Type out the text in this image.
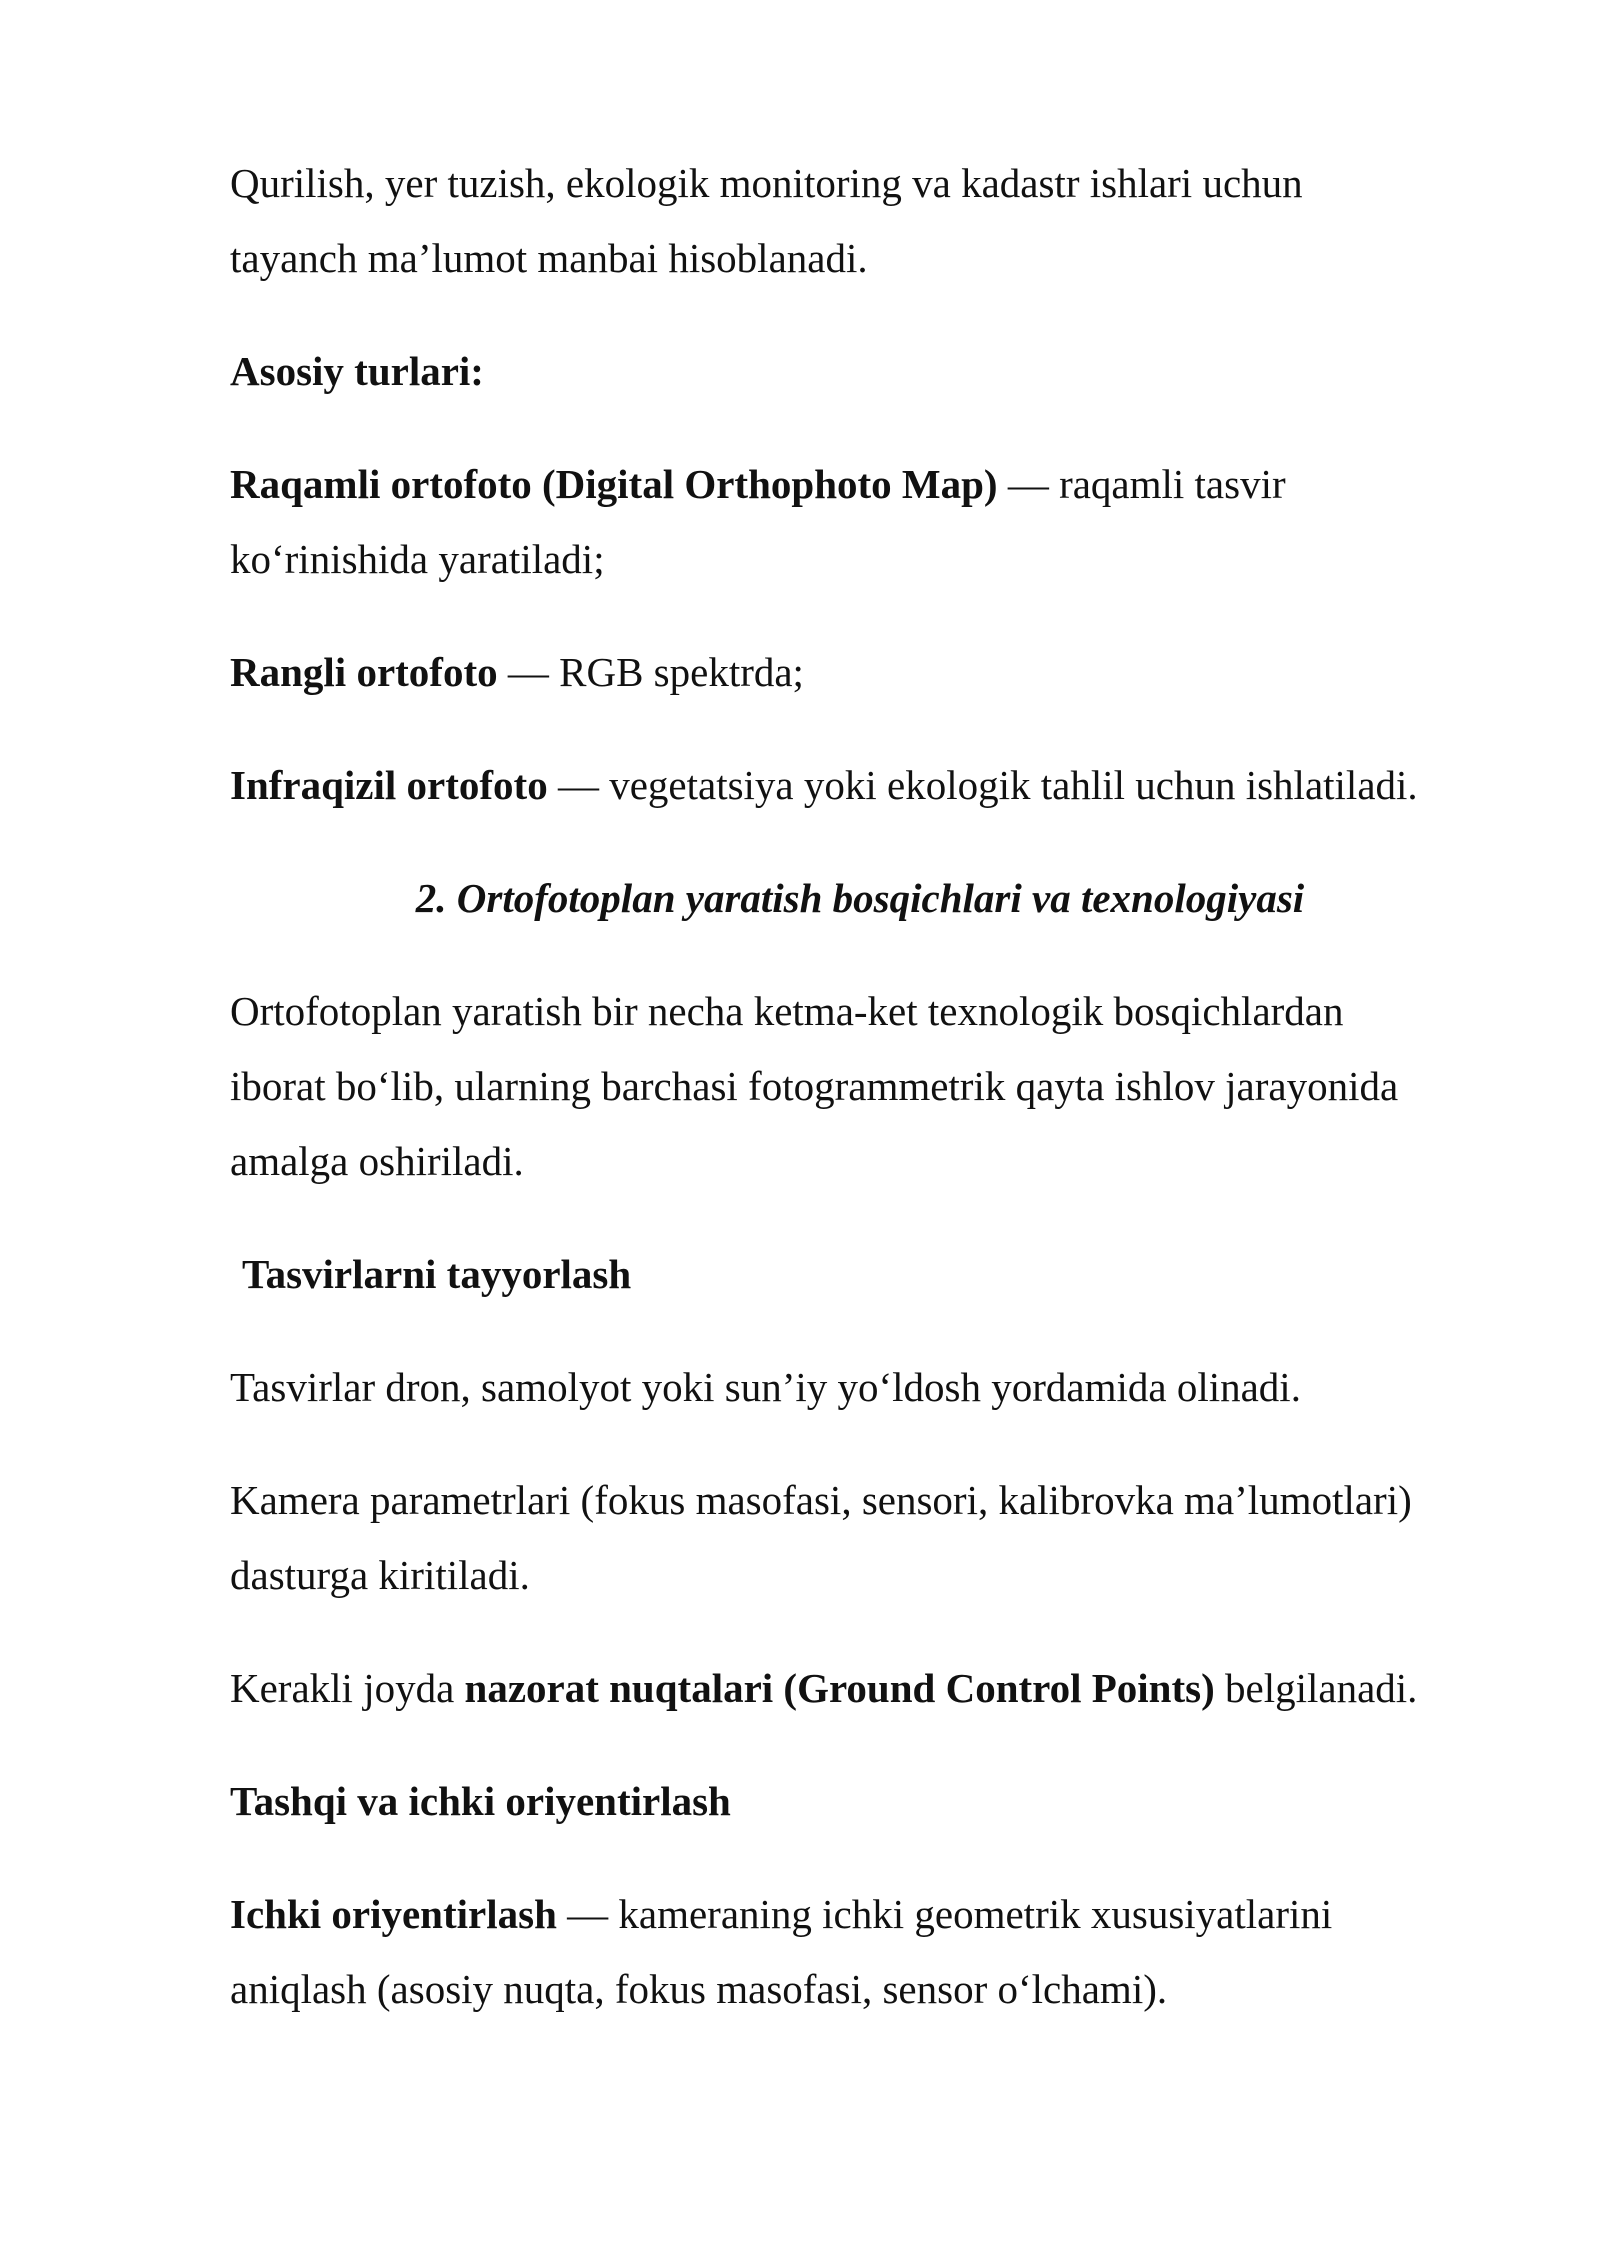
Qurilish, yer tuzish, ekologik monitoring va kadastr ishlari uchun
tayanch ma’lumot manbai hisoblanadi.

Asosiy turlari:

Raqamli ortofoto (Digital Orthophoto Map) — raqamli tasvir
ko‘rinishida yaratiladi;

Rangli ortofoto — RGB spektrda;

Infraqizil ortofoto — vegetatsiya yoki ekologik tahlil uchun ishlatiladi.

2. Ortofotoplan yaratish bosqichlari va texnologiyasi

Ortofotoplan yaratish bir necha ketma-ket texnologik bosqichlardan
iborat bo‘lib, ularning barchasi fotogrammetrik qayta ishlov jarayonida
amalga oshiriladi.

Tasvirlarni tayyorlash

Tasvirlar dron, samolyot yoki sun’iy yo‘ldosh yordamida olinadi.

Kamera parametrlari (fokus masofasi, sensori, kalibrovka ma’lumotlari)
dasturga kiritiladi.

Kerakli joyda nazorat nuqtalari (Ground Control Points) belgilanadi.

Tashqi va ichki oriyentirlash

Ichki oriyentirlash — kameraning ichki geometrik xususiyatlarini
aniqlash (asosiy nuqta, fokus masofasi, sensor o‘lchami).
